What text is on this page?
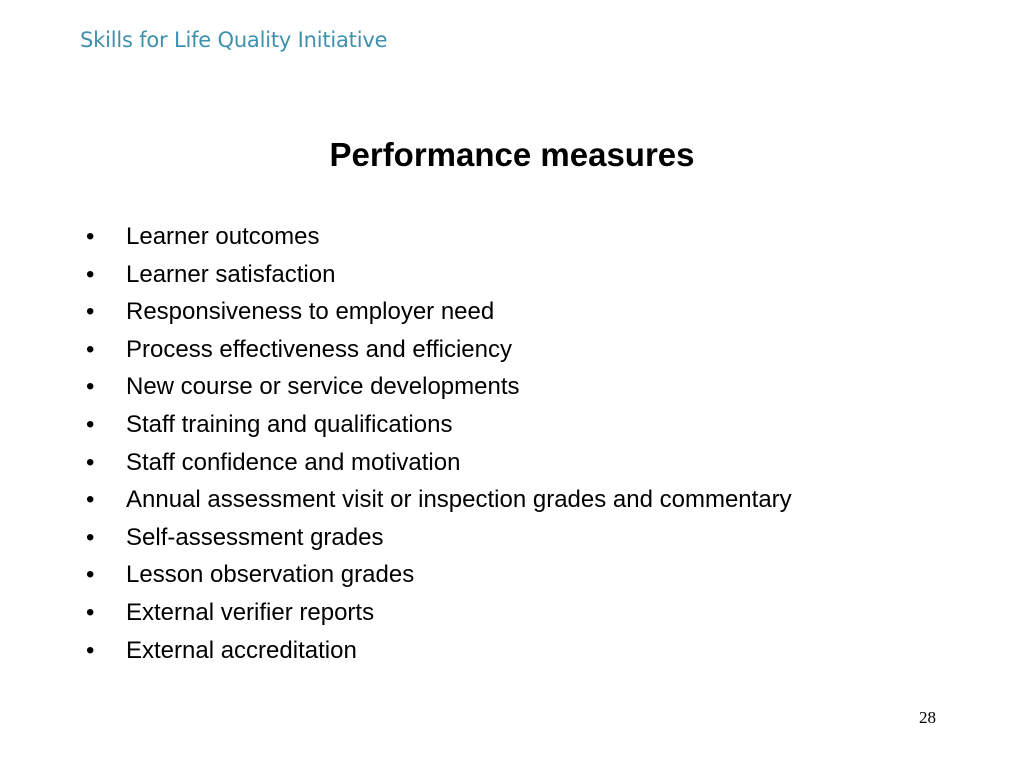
Skills for Life Quality Initiative
Performance measures
•	Learner outcomes
•	Learner satisfaction
•	Responsiveness to employer need
•	Process effectiveness and efficiency
•	New course or service developments
•	Staff training and qualifications
•	Staff confidence and motivation
•	Annual assessment visit or inspection grades and commentary
•	Self-assessment grades
•	Lesson observation grades
•	External verifier reports
•	External accreditation
28
